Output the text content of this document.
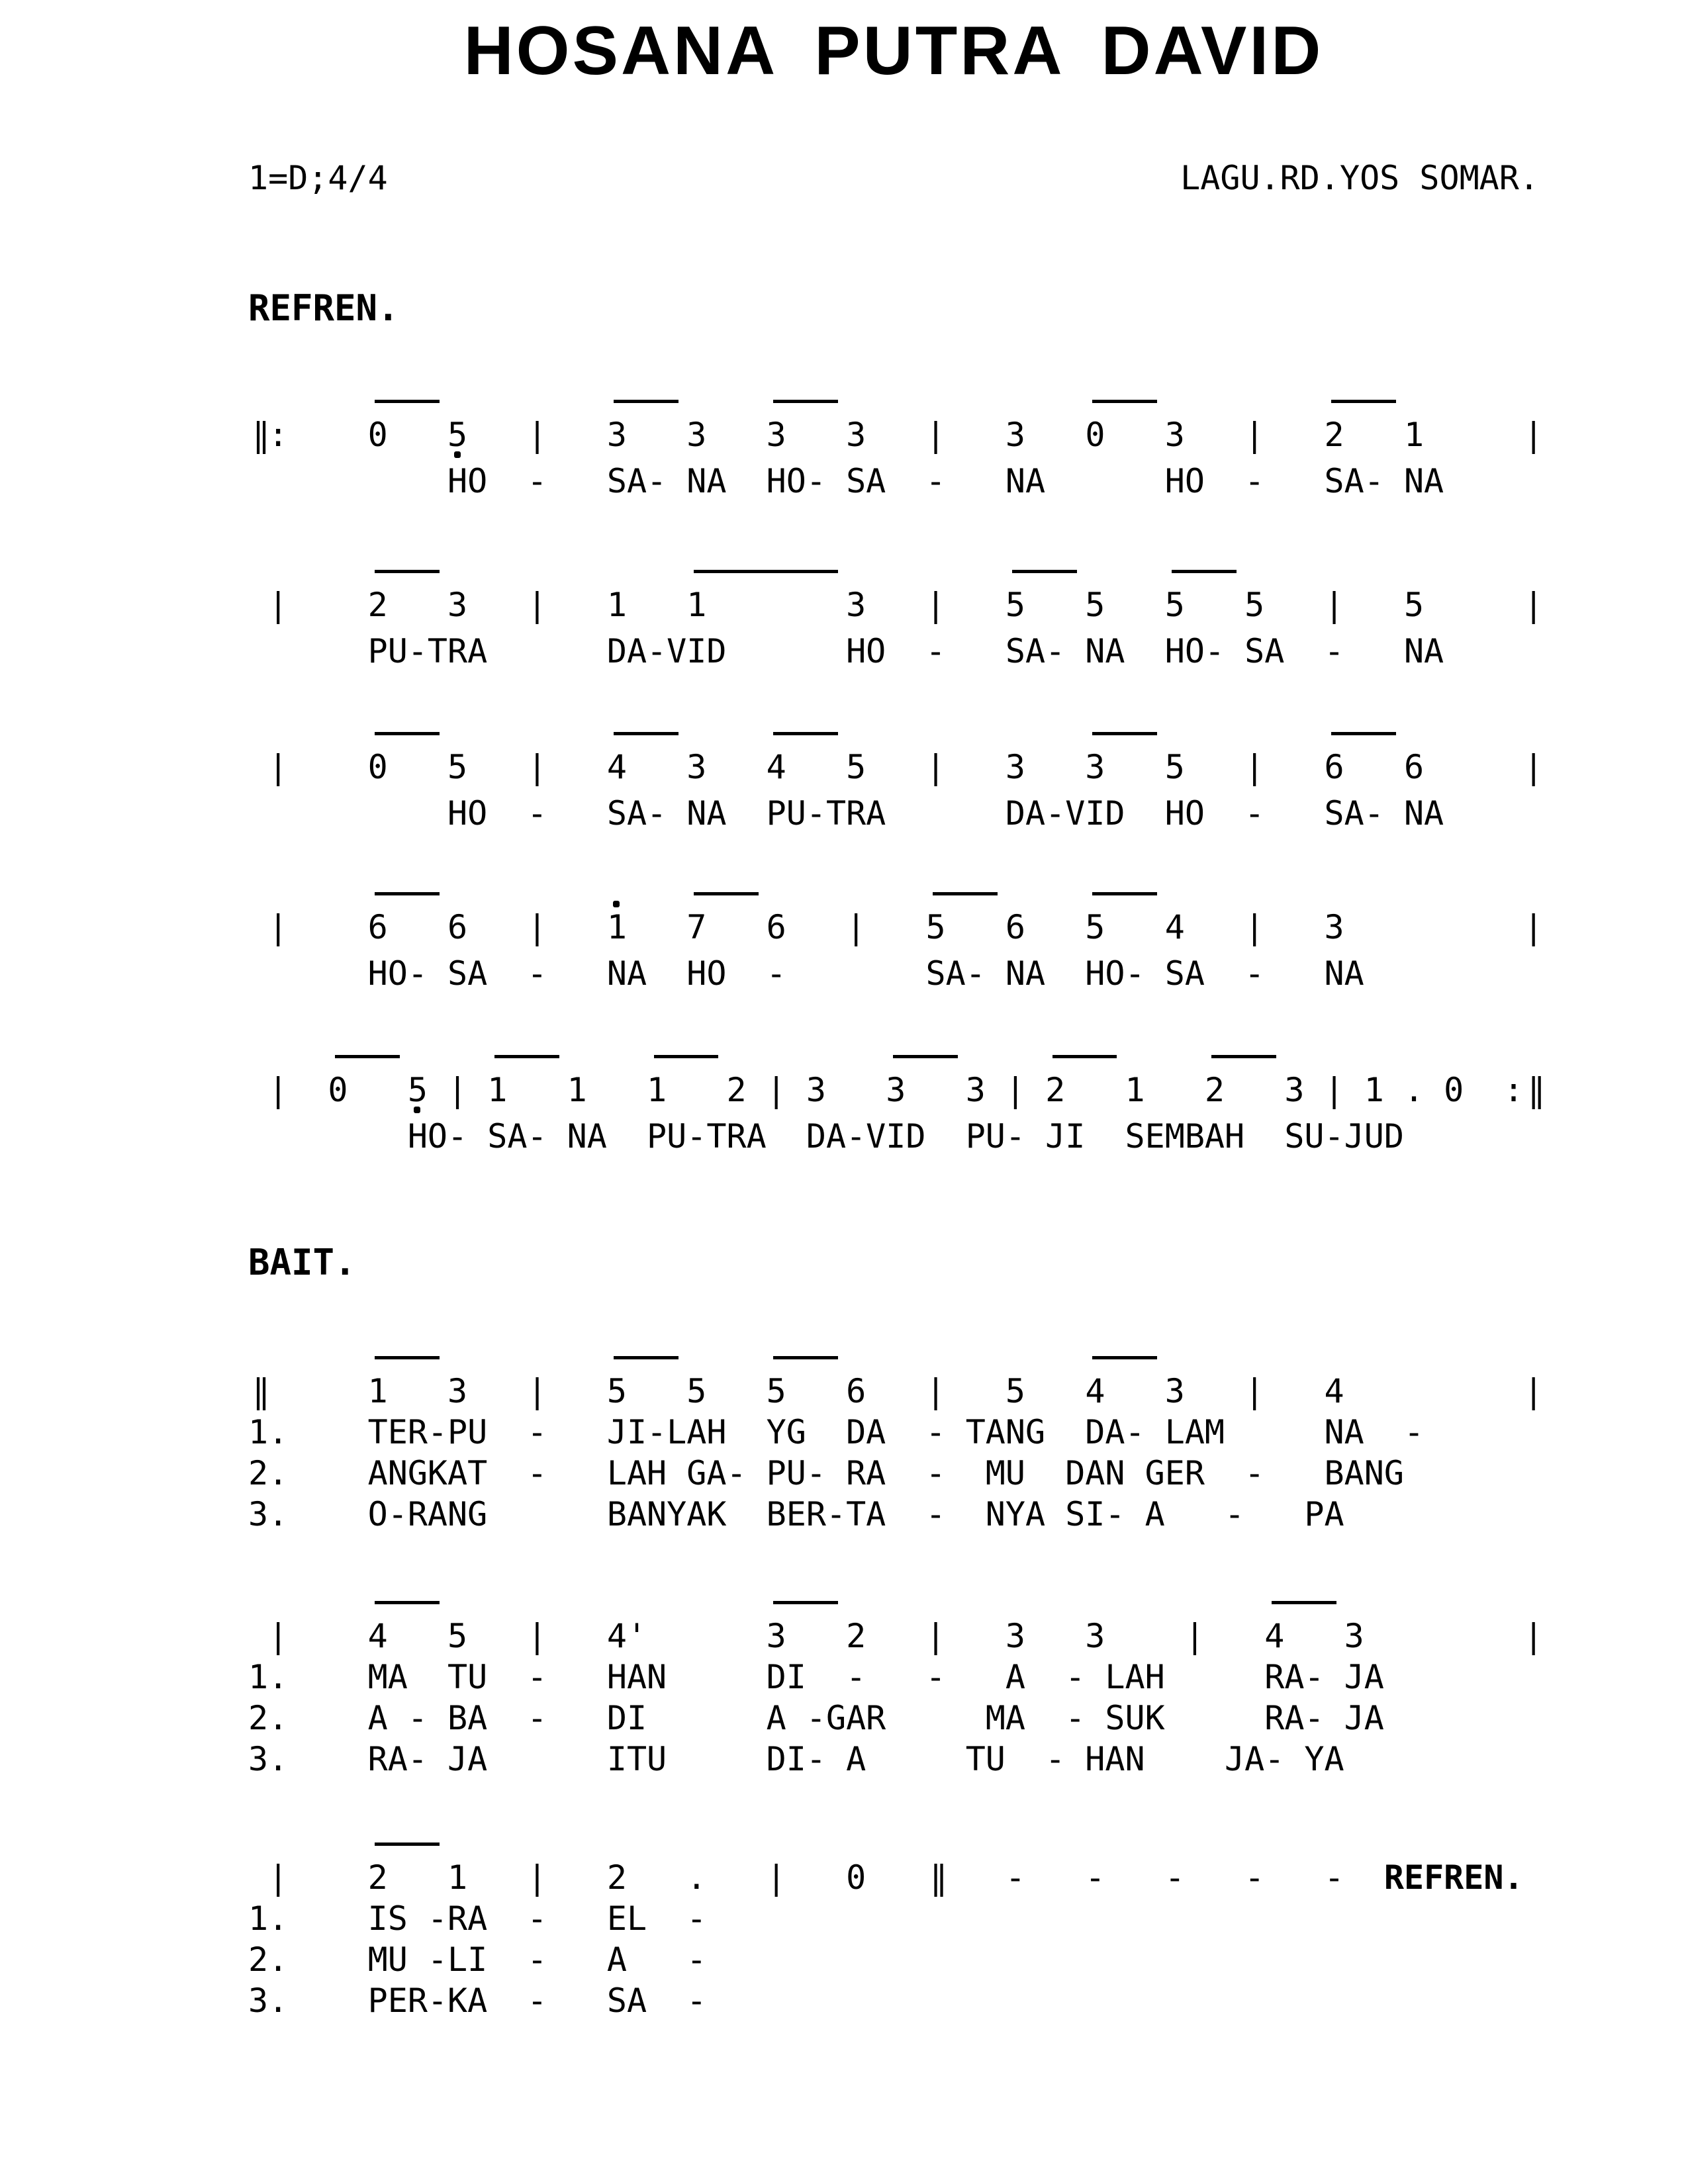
HOSANA PUTRA DAVID
1=D;4/4	LAGU.RD.YOS SOMAR.
REFREN.
BAIT.
| |:    0   5   |   3   3   3   3   |   3   0   3   |   2   1     |
HO  -   SA- NA  HO- SA  -   NA      HO  -   SA- NA
|    2   3   |   1   1       3   |   5   5   5   5   |   5     |
PU-TRA      DA-VID      HO  -   SA- NA  HO- SA  -   NA
|    0   5   |   4   3   4   5   |   3   3   5   |   6   6     |
HO  -   SA- NA  PU-TRA      DA-VID  HO  -   SA- NA
|    6   6   |   1   7   6   |   5   6   5   4   |   3         |
HO- SA  -   NA  HO  -       SA- NA  HO- SA  -   NA
|  0   5 | 1   1   1   2 | 3   3   3 | 2   1   2   3 | 1 . 0  :| |
HO- SA- NA  PU-TRA  DA-VID  PU- JI  SEMBAH  SU-JUD
| |     1   3   |   5   5   5   6   |   5   4   3   |   4         |
1.    TER-PU  -   JI-LAH  YG  DA  - TANG  DA- LAM     NA  -
2.    ANGKAT  -   LAH GA- PU- RA  -  MU  DAN GER  -   BANG
3.    O-RANG      BANYAK  BER-TA  -  NYA SI- A   -   PA
|    4   5   |   4'      3   2   |   3   3    |   4   3        |
1.    MA  TU  -   HAN     DI  -   -   A  - LAH     RA- JA
2.    A - BA  -   DI      A -GAR     MA  - SUK     RA- JA
3.    RA- JA      ITU     DI- A     TU  - HAN    JA- YA
|    2   1   |   2   .   |   0   | |   -   -   -   -   -  REFREN.
1.    IS -RA  -   EL  -
2.    MU -LI  -   A   -
3.    PER-KA  -   SA  -
